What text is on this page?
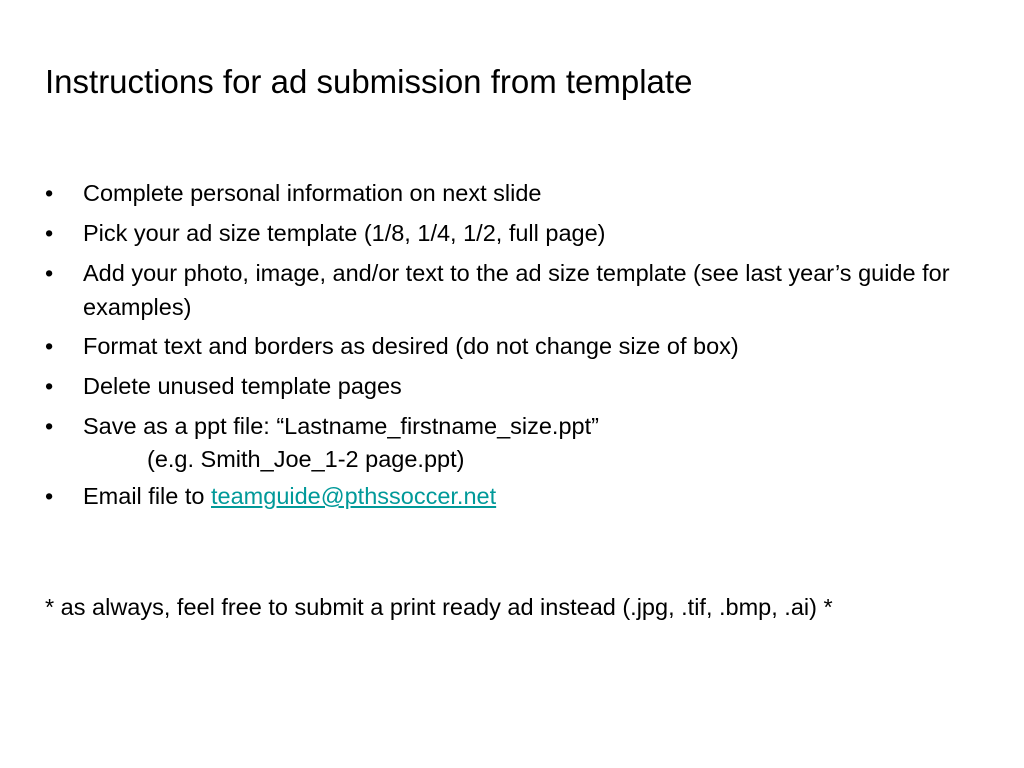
Instructions for ad submission from template
• Complete personal information on next slide
• Pick your ad size template (1/8, 1/4, 1/2, full page)
• Add your photo, image, and/or text to the ad size template (see last year’s guide for examples)
• Format text and borders as desired (do not change size of box)
• Delete unused template pages
• Save as a ppt file: “Lastname_firstname_size.ppt”
(e.g. Smith_Joe_1-2 page.ppt)
• Email file to teamguide@pthssoccer.net

* as always, feel free to submit a print ready ad instead (.jpg, .tif, .bmp, .ai) *
